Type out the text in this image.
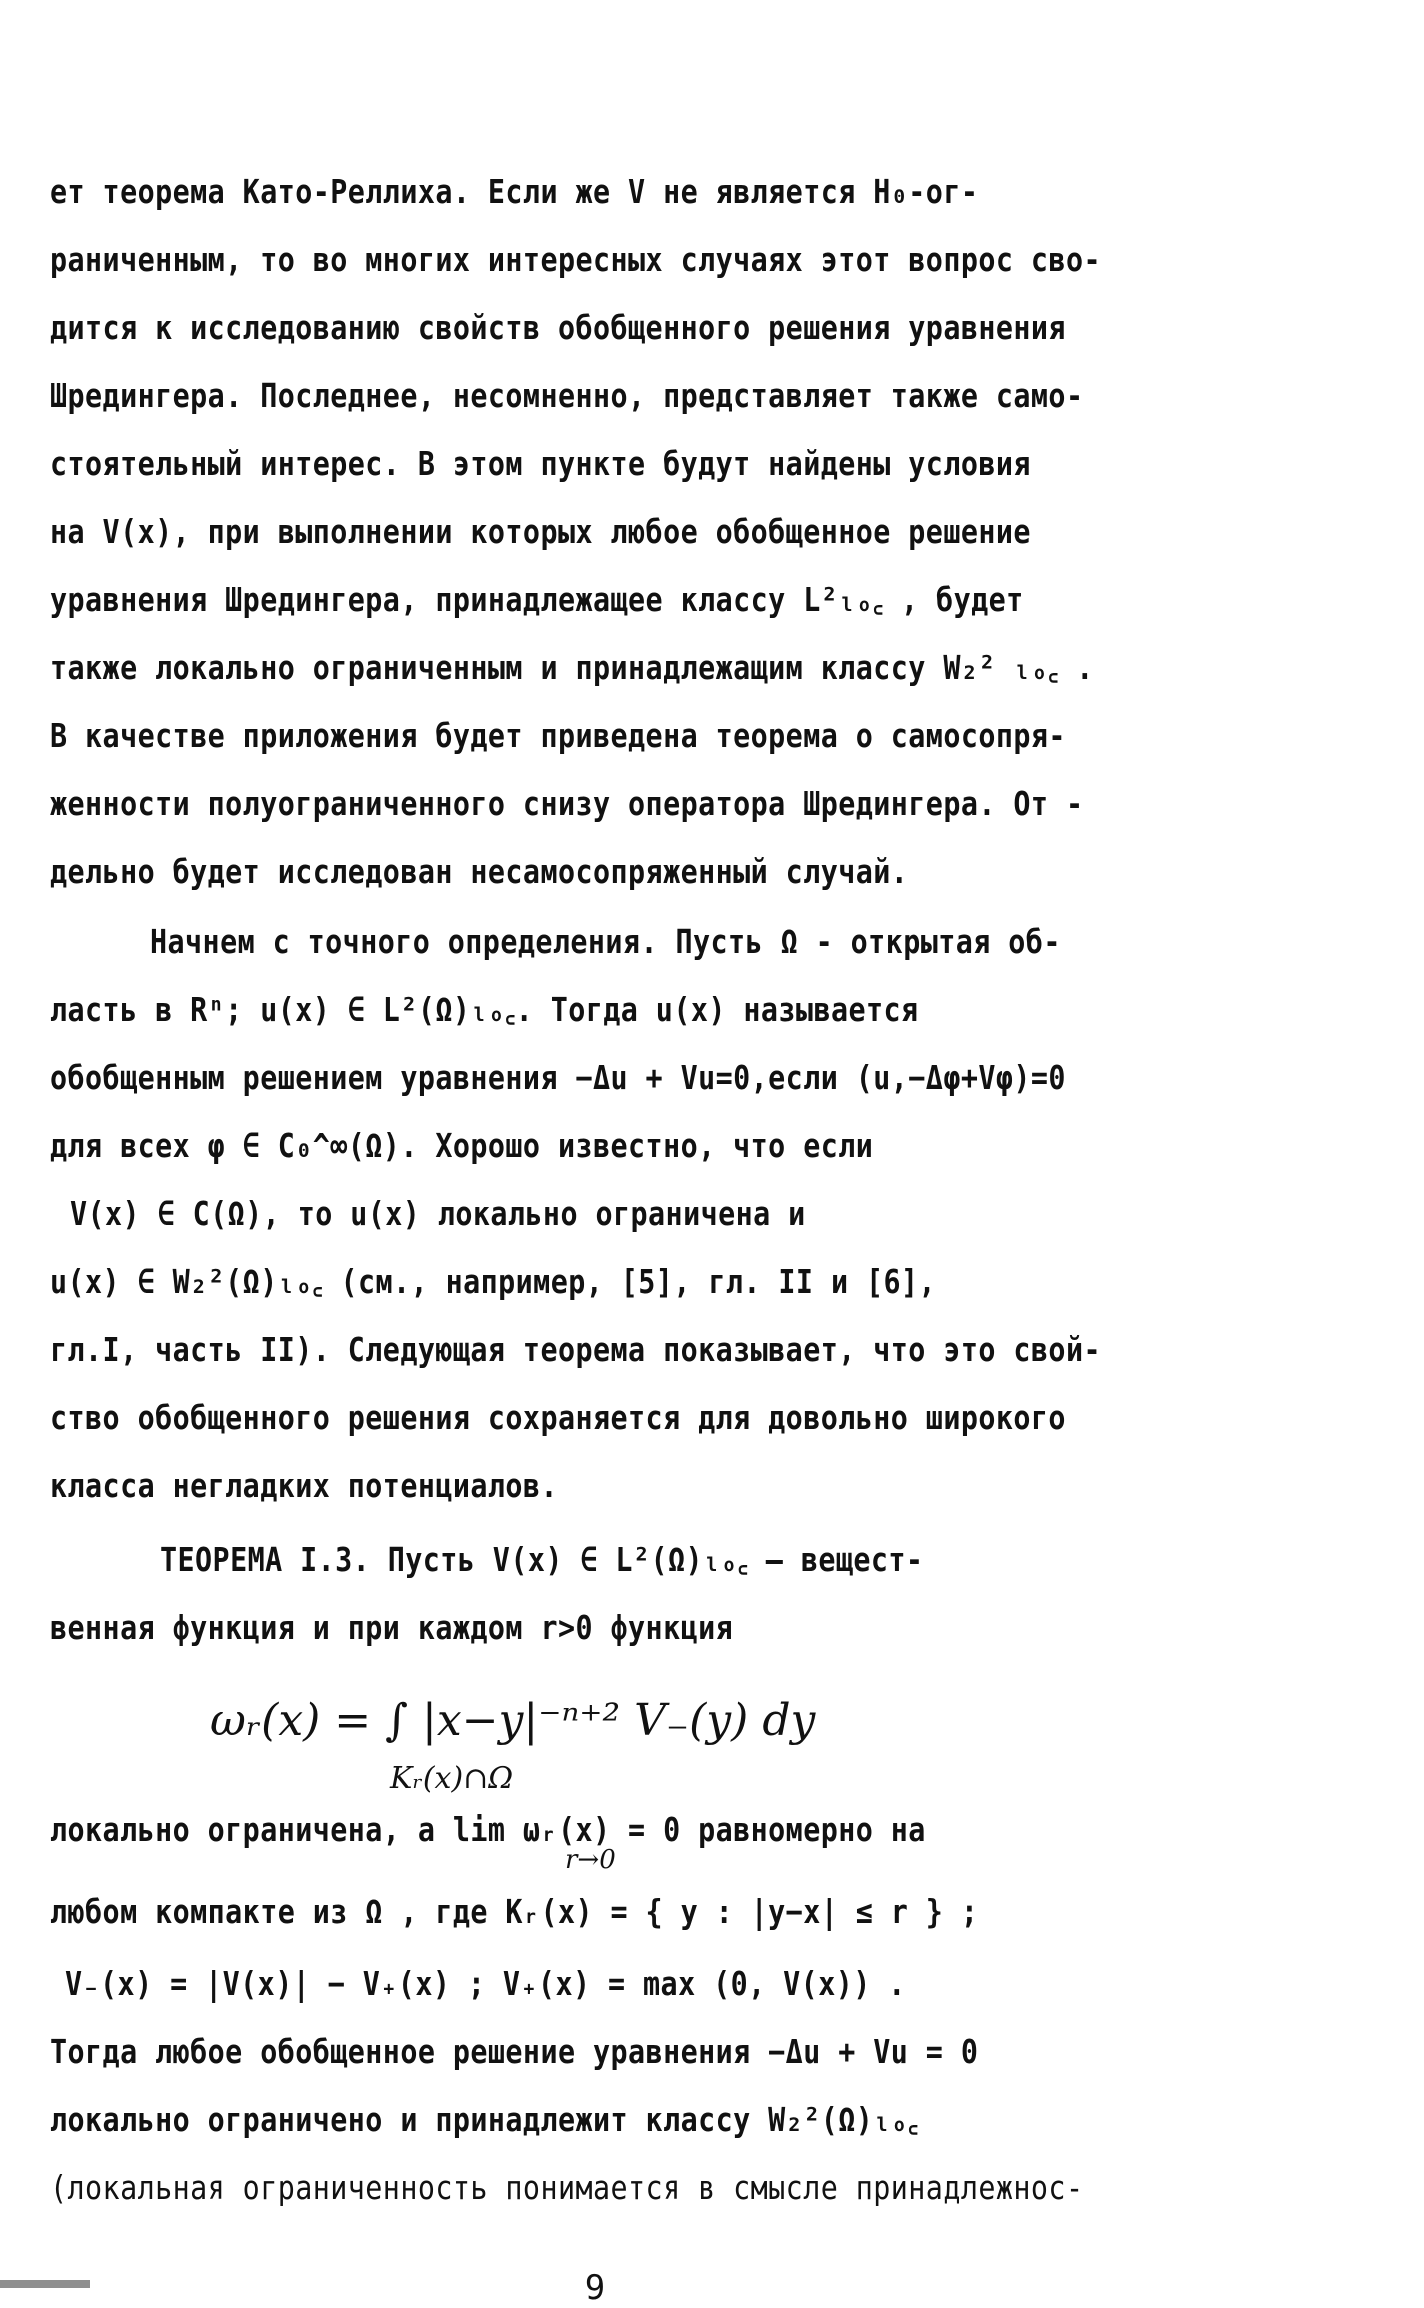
ет теорема Като-Реллиха. Если же V не является H₀-ог-
раниченным, то во многих интересных случаях этот вопрос сво-
дится к исследованию свойств обобщенного решения уравнения
Шредингера. Последнее, несомненно, представляет также само-
стоятельный интерес. В этом пункте будут найдены условия
на V(x), при выполнении которых любое обобщенное решение
уравнения Шредингера, принадлежащее классу L²ₗₒ꜀ , будет
также локально ограниченным и принадлежащим классу W₂² ₗₒ꜀ .
В качестве приложения будет приведена теорема о самосопря-
женности полуограниченного снизу оператора Шредингера. От -
дельно будет исследован несамосопряженный случай.
Начнем с точного определения. Пусть Ω - открытая об-
ласть в Rⁿ; u(x) ∈ L²(Ω)ₗₒ꜀. Тогда u(x) называется
обобщенным решением уравнения −Δu + Vu=0,если (u,−Δφ+Vφ)=0
для всех φ ∈ C₀^∞(Ω). Хорошо известно, что если
V(x) ∈ C(Ω), то u(x) локально ограничена и
u(x) ∈ W₂²(Ω)ₗₒ꜀ (см., например, [5], гл. II и [6],
гл.I, часть II). Следующая теорема показывает, что это свой-
ство обобщенного решения сохраняется для довольно широкого
класса негладких потенциалов.
ТЕОРЕМА I.3. Пусть V(x) ∈ L²(Ω)ₗₒ꜀ — вещест-
венная функция и при каждом r>0 функция
ωᵣ(x) = ∫ |x−y|⁻ⁿ⁺² V₋(y) dy
Kᵣ(x)∩Ω
локально ограничена, а lim ωᵣ(x) = 0 равномерно на
r→0
любом компакте из Ω , где Kᵣ(x) = { y : |y−x| ≤ r } ;
V₋(x) = |V(x)| − V₊(x) ; V₊(x) = max (0, V(x)) .
Тогда любое обобщенное решение уравнения −Δu + Vu = 0
локально ограничено и принадлежит классу W₂²(Ω)ₗₒ꜀
(локальная ограниченность понимается в смысле принадлежнос-
9
